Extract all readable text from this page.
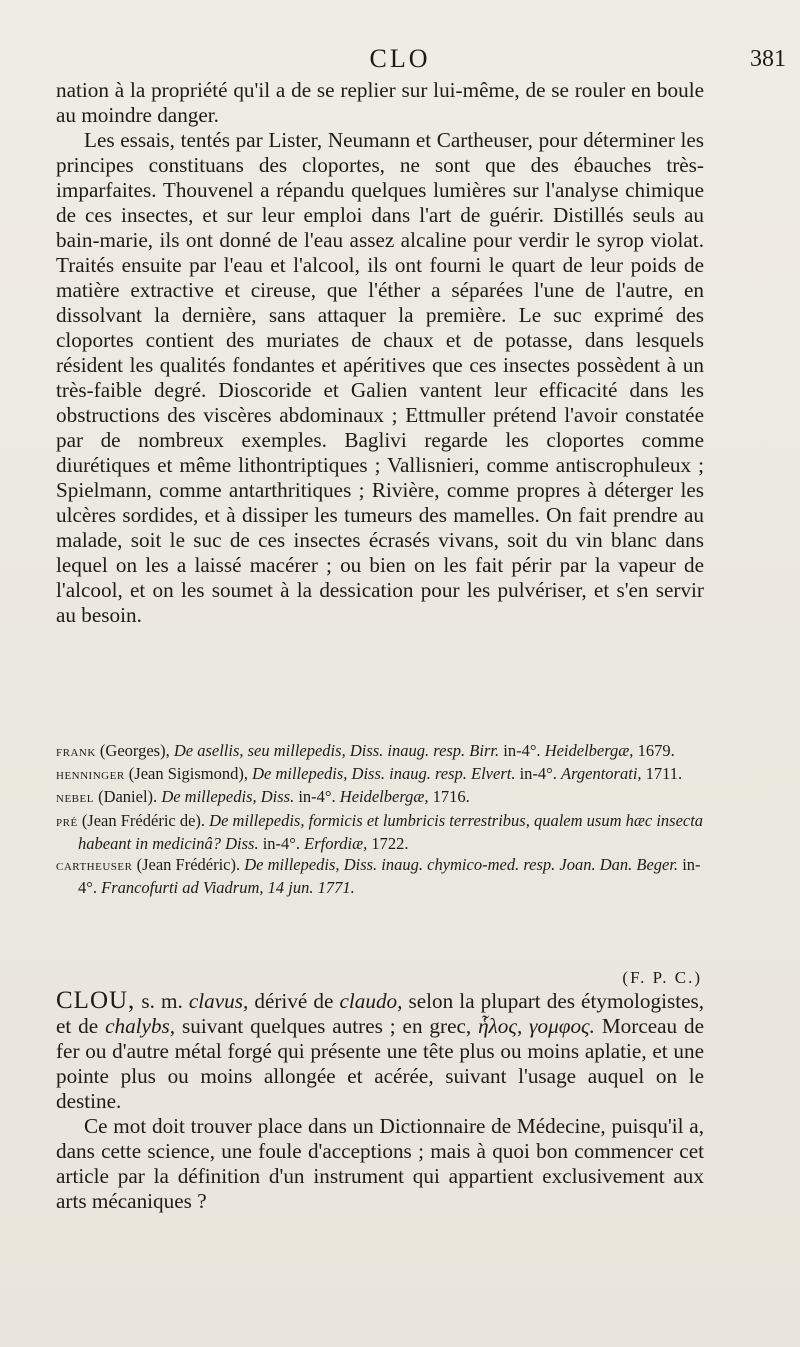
CLO	381

nation à la propriété qu'il a de se replier sur lui-même, de se rouler en boule au moindre danger.

Les essais, tentés par Lister, Neumann et Cartheuser, pour déterminer les principes constituans des cloportes, ne sont que des ébauches très-imparfaites. Thouvenel a répandu quelques lumières sur l'analyse chimique de ces insectes, et sur leur emploi dans l'art de guérir. Distillés seuls au bain-marie, ils ont donné de l'eau assez alcaline pour verdir le syrop violat. Traités ensuite par l'eau et l'alcool, ils ont fourni le quart de leur poids de matière extractive et cireuse, que l'éther a séparées l'une de l'autre, en dissolvant la dernière, sans attaquer la première. Le suc exprimé des cloportes contient des muriates de chaux et de potasse, dans lesquels résident les qualités fondantes et apéritives que ces insectes possèdent à un très-faible degré. Dioscoride et Galien vantent leur efficacité dans les obstructions des viscères abdominaux ; Ettmuller prétend l'avoir constatée par de nombreux exemples. Baglivi regarde les cloportes comme diurétiques et même lithontriptiques ; Vallisnieri, comme antiscrophuleux ; Spielmann, comme antarthritiques ; Rivière, comme propres à déterger les ulcères sordides, et à dissiper les tumeurs des mamelles. On fait prendre au malade, soit le suc de ces insectes écrasés vivans, soit du vin blanc dans lequel on les a laissé macérer ; ou bien on les fait périr par la vapeur de l'alcool, et on les soumet à la dessication pour les pulvériser, et s'en servir au besoin.

frank (Georges), De asellis, seu millepedis, Diss. inaug. resp. Birr. in-4°. Heidelbergæ, 1679.

henninger (Jean Sigismond), De millepedis, Diss. inaug. resp. Elvert. in-4°. Argentorati, 1711.

nebel (Daniel). De millepedis, Diss. in-4°. Heidelbergæ, 1716.

pré (Jean Frédéric de). De millepedis, formicis et lumbricis terrestribus, qualem usum hæc insecta habeant in medicinâ? Diss. in-4°. Erfordiæ, 1722.

cartheuser (Jean Frédéric). De millepedis, Diss. inaug. chymico-med. resp. Joan. Dan. Beger. in-4°. Francofurti ad Viadrum, 14 jun. 1771.

(F. P. C.)

CLOU, s. m. clavus, dérivé de claudo, selon la plupart des étymologistes, et de chalybs, suivant quelques autres ; en grec, ἧλος, γομφος. Morceau de fer ou d'autre métal forgé qui présente une tête plus ou moins aplatie, et une pointe plus ou moins allongée et acérée, suivant l'usage auquel on le destine.

Ce mot doit trouver place dans un Dictionnaire de Médecine, puisqu'il a, dans cette science, une foule d'acceptions ; mais à quoi bon commencer cet article par la définition d'un instrument qui appartient exclusivement aux arts mécaniques ?
